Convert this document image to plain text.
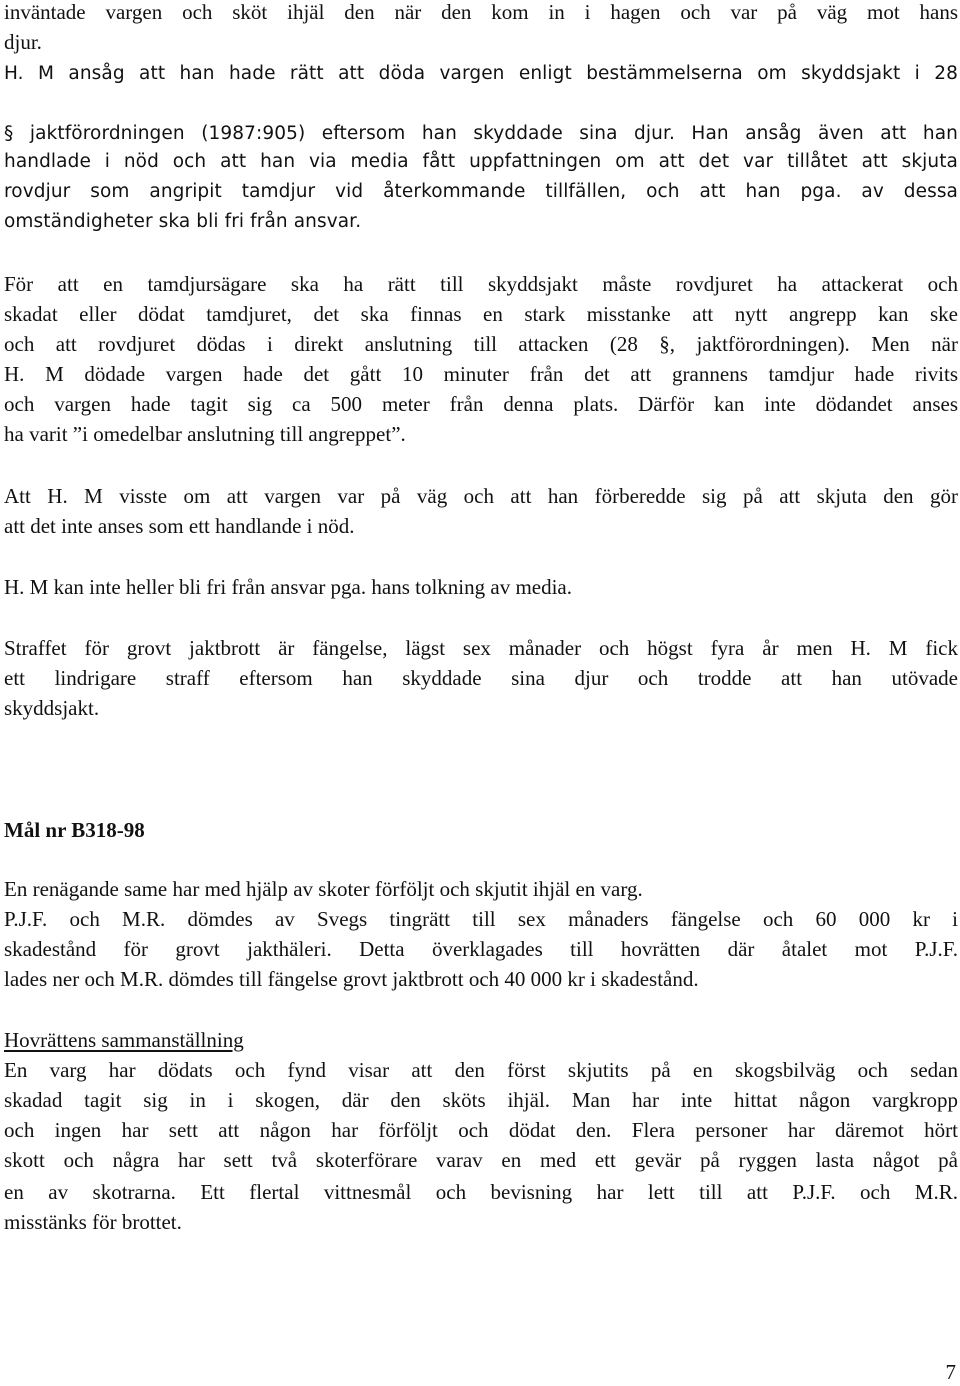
inväntade vargen och sköt ihjäl den när den kom in i hagen och var på väg mot hans
djur.
H. M ansåg att han hade rätt att döda vargen enligt bestämmelserna om skyddsjakt i 28
§ jaktförordningen (1987:905) eftersom han skyddade sina djur. Han ansåg även att han
handlade i nöd och att han via media fått uppfattningen om att det var tillåtet att skjuta
rovdjur som angripit tamdjur vid återkommande tillfällen, och att han pga. av dessa
omständigheter ska bli fri från ansvar.
För att en tamdjursägare ska ha rätt till skyddsjakt måste rovdjuret ha attackerat och
skadat eller dödat tamdjuret, det ska finnas en stark misstanke att nytt angrepp kan ske
och att rovdjuret dödas i direkt anslutning till attacken (28 §, jaktförordningen). Men när
H. M dödade vargen hade det gått 10 minuter från det att grannens tamdjur hade rivits
och vargen hade tagit sig ca 500 meter från denna plats. Därför kan inte dödandet anses
ha varit ”i omedelbar anslutning till angreppet”.
Att H. M visste om att vargen var på väg och att han förberedde sig på att skjuta den gör
att det inte anses som ett handlande i nöd.
H. M kan inte heller bli fri från ansvar pga. hans tolkning av media.
Straffet för grovt jaktbrott är fängelse, lägst sex månader och högst fyra år men H. M fick
ett lindrigare straff eftersom han skyddade sina djur och trodde att han utövade
skyddsjakt.
Mål nr B318-98
En renägande same har med hjälp av skoter förföljt och skjutit ihjäl en varg.
P.J.F. och M.R. dömdes av Svegs tingrätt till sex månaders fängelse och 60 000 kr i
skadestånd för grovt jakthäleri. Detta överklagades till hovrätten där åtalet mot P.J.F.
lades ner och M.R. dömdes till fängelse grovt jaktbrott och 40 000 kr i skadestånd.
Hovrättens sammanställning
En varg har dödats och fynd visar att den först skjutits på en skogsbilväg och sedan
skadad tagit sig in i skogen, där den sköts ihjäl. Man har inte hittat någon vargkropp
och ingen har sett att någon har förföljt och dödat den. Flera personer har däremot hört
skott och några har sett två skoterförare varav en med ett gevär på ryggen lasta något på
en av skotrarna. Ett flertal vittnesmål och bevisning har lett till att P.J.F. och M.R.
misstänks för brottet.
7
